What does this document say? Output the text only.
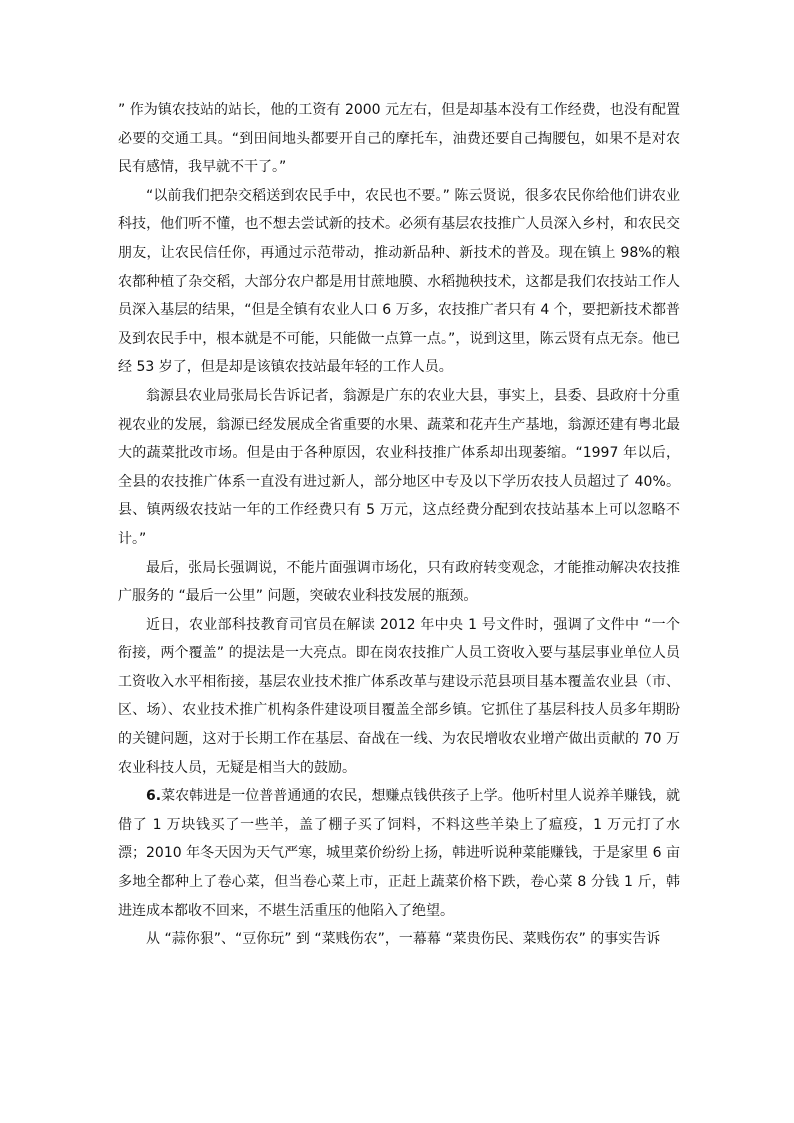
” 作为镇农技站的站长，他的工资有 2000 元左右，但是却基本没有工作经费，也没有配置必要的交通工具。“到田间地头都要开自己的摩托车，油费还要自己掏腰包，如果不是对农民有感情，我早就不干了。”

“以前我们把杂交稻送到农民手中，农民也不要。” 陈云贤说，很多农民你给他们讲农业科技，他们听不懂，也不想去尝试新的技术。必须有基层农技推广人员深入乡村，和农民交朋友，让农民信任你，再通过示范带动，推动新品种、新技术的普及。现在镇上 98%的粮农都种植了杂交稻，大部分农户都是用甘蔗地膜、水稻抛秧技术，这都是我们农技站工作人员深入基层的结果，“但是全镇有农业人口 6 万多，农技推广者只有 4 个，要把新技术都普及到农民手中，根本就是不可能，只能做一点算一点。”，说到这里，陈云贤有点无奈。他已经 53 岁了，但是却是该镇农技站最年轻的工作人员。

翁源县农业局张局长告诉记者，翁源是广东的农业大县，事实上，县委、县政府十分重视农业的发展，翁源已经发展成全省重要的水果、蔬菜和花卉生产基地，翁源还建有粤北最大的蔬菜批改市场。但是由于各种原因，农业科技推广体系却出现萎缩。“1997 年以后，全县的农技推广体系一直没有进过新人，部分地区中专及以下学历农技人员超过了 40%。县、镇两级农技站一年的工作经费只有 5 万元，这点经费分配到农技站基本上可以忽略不计。”

最后，张局长强调说，不能片面强调市场化，只有政府转变观念，才能推动解决农技推广服务的 “最后一公里” 问题，突破农业科技发展的瓶颈。

近日，农业部科技教育司官员在解读 2012 年中央 1 号文件时，强调了文件中 “一个衔接，两个覆盖” 的提法是一大亮点。即在岗农技推广人员工资收入要与基层事业单位人员工资收入水平相衔接，基层农业技术推广体系改革与建设示范县项目基本覆盖农业县（市、区、场）、农业技术推广机构条件建设项目覆盖全部乡镇。它抓住了基层科技人员多年期盼的关键问题，这对于长期工作在基层、奋战在一线、为农民增收农业增产做出贡献的 70 万农业科技人员，无疑是相当大的鼓励。

6.菜农韩进是一位普普通通的农民，想赚点钱供孩子上学。他听村里人说养羊赚钱，就借了 1 万块钱买了一些羊，盖了棚子买了饲料，不料这些羊染上了瘟疫，1 万元打了水漂；2010 年冬天因为天气严寒，城里菜价纷纷上扬，韩进听说种菜能赚钱，于是家里 6 亩多地全都种上了卷心菜，但当卷心菜上市，正赶上蔬菜价格下跌，卷心菜 8 分钱 1 斤，韩进连成本都收不回来，不堪生活重压的他陷入了绝望。

从 “蒜你狠”、“豆你玩” 到 “菜贱伤农”，一幕幕 “菜贵伤民、菜贱伤农” 的事实告诉
